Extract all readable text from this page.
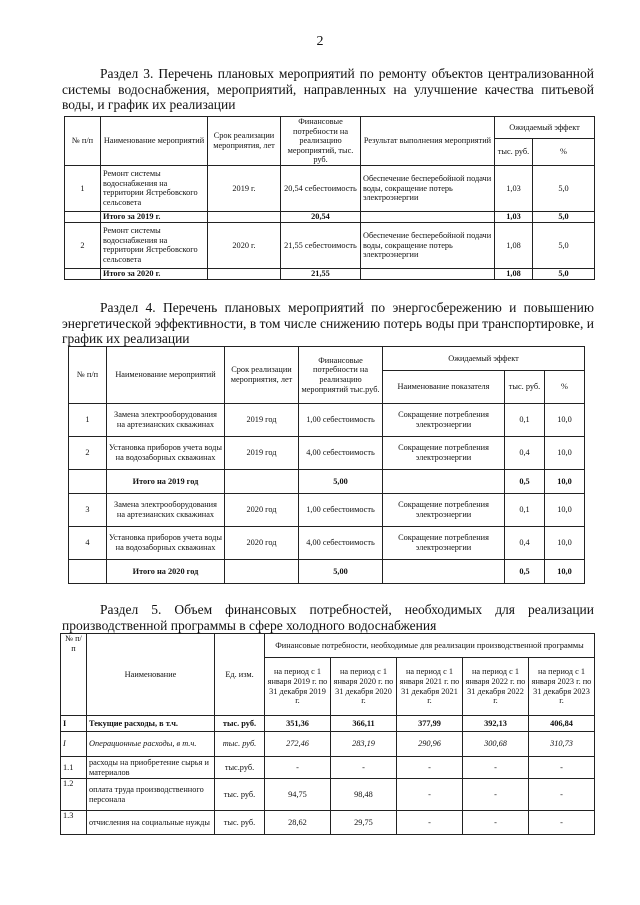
2

Раздел 3. Перечень плановых мероприятий по ремонту объектов централизованной системы водоснабжения, мероприятий, направленных на улучшение качества питьевой воды, и график их реализации

№ п/п	Наименование мероприятий	Срок реализации мероприятия, лет	Финансовые потребности на реализацию мероприятий, тыс. руб.	Результат выполнения мероприятий	Ожидаемый эффект	
					тыс. руб.	%
1	Ремонт системы водоснабжения на территории Ястребовского сельсовета	2019 г.	20,54 себестоимость	Обеспечение бесперебойной подачи воды, сокращение потерь электроэнергии	1,03	5,0
	Итого за 2019 г.		20,54		1,03	5,0
2	Ремонт системы водоснабжения на территории Ястребовского сельсовета	2020 г.	21,55 себестоимость	Обеспечение бесперебойной подачи воды, сокращение потерь электроэнергии	1,08	5,0
	Итого за 2020 г.		21,55		1,08	5,0

Раздел 4. Перечень плановых мероприятий по энергосбережению и повышению энергетической эффективности, в том числе снижению потерь воды при транспортировке, и график их реализации

№ п/п	Наименование мероприятий	Срок реализации мероприятия, лет	Финансовые потребности на реализацию мероприятий тыс.руб.	Ожидаемый эффект		
				Наименование показателя	тыс. руб.	%
1	Замена электрооборудования на артезианских скважинах	2019 год	1,00 себестоимость	Сокращение потребления электроэнергии	0,1	10,0
2	Установка приборов учета воды на водозаборных скважинах	2019 год	4,00 себестоимость	Сокращение потребления электроэнергии	0,4	10,0
	Итого на 2019 год		5,00		0,5	10,0
3	Замена электрооборудования на артезианских скважинах	2020 год	1,00 себестоимость	Сокращение потребления электроэнергии	0,1	10,0
4	Установка приборов учета воды на водозаборных скважинах	2020 год	4,00 себестоимость	Сокращение потребления электроэнергии	0,4	10,0
	Итого на 2020 год		5,00		0,5	10,0

Раздел 5. Объем финансовых потребностей, необходимых для реализации производственной программы в сфере холодного водоснабжения

№ п/п	Наименование	Ед. изм.	Финансовые потребности, необходимые для реализации производственной программы				
			на период с 1 января 2019 г. по 31 декабря 2019 г.	на период с 1 января 2020 г. по 31 декабря 2020 г.	на период с 1 января 2021 г. по 31 декабря 2021 г.	на период с 1 января 2022 г. по 31 декабря 2022 г.	на период с 1 января 2023 г. по 31 декабря 2023 г.
I	Текущие расходы, в т.ч.	тыс. руб.	351,36	366,11	377,99	392,13	406,84
I	Операционные расходы, в т.ч.	тыс. руб.	272,46	283,19	290,96	300,68	310,73
1.1	расходы на приобретение сырья и материалов	тыс.руб.	-	-	-	-	-
1.2	оплата труда производственного персонала	тыс. руб.	94,75	98,48	-	-	-
1.3	отчисления на социальные нужды	тыс. руб.	28,62	29,75	-	-	-
